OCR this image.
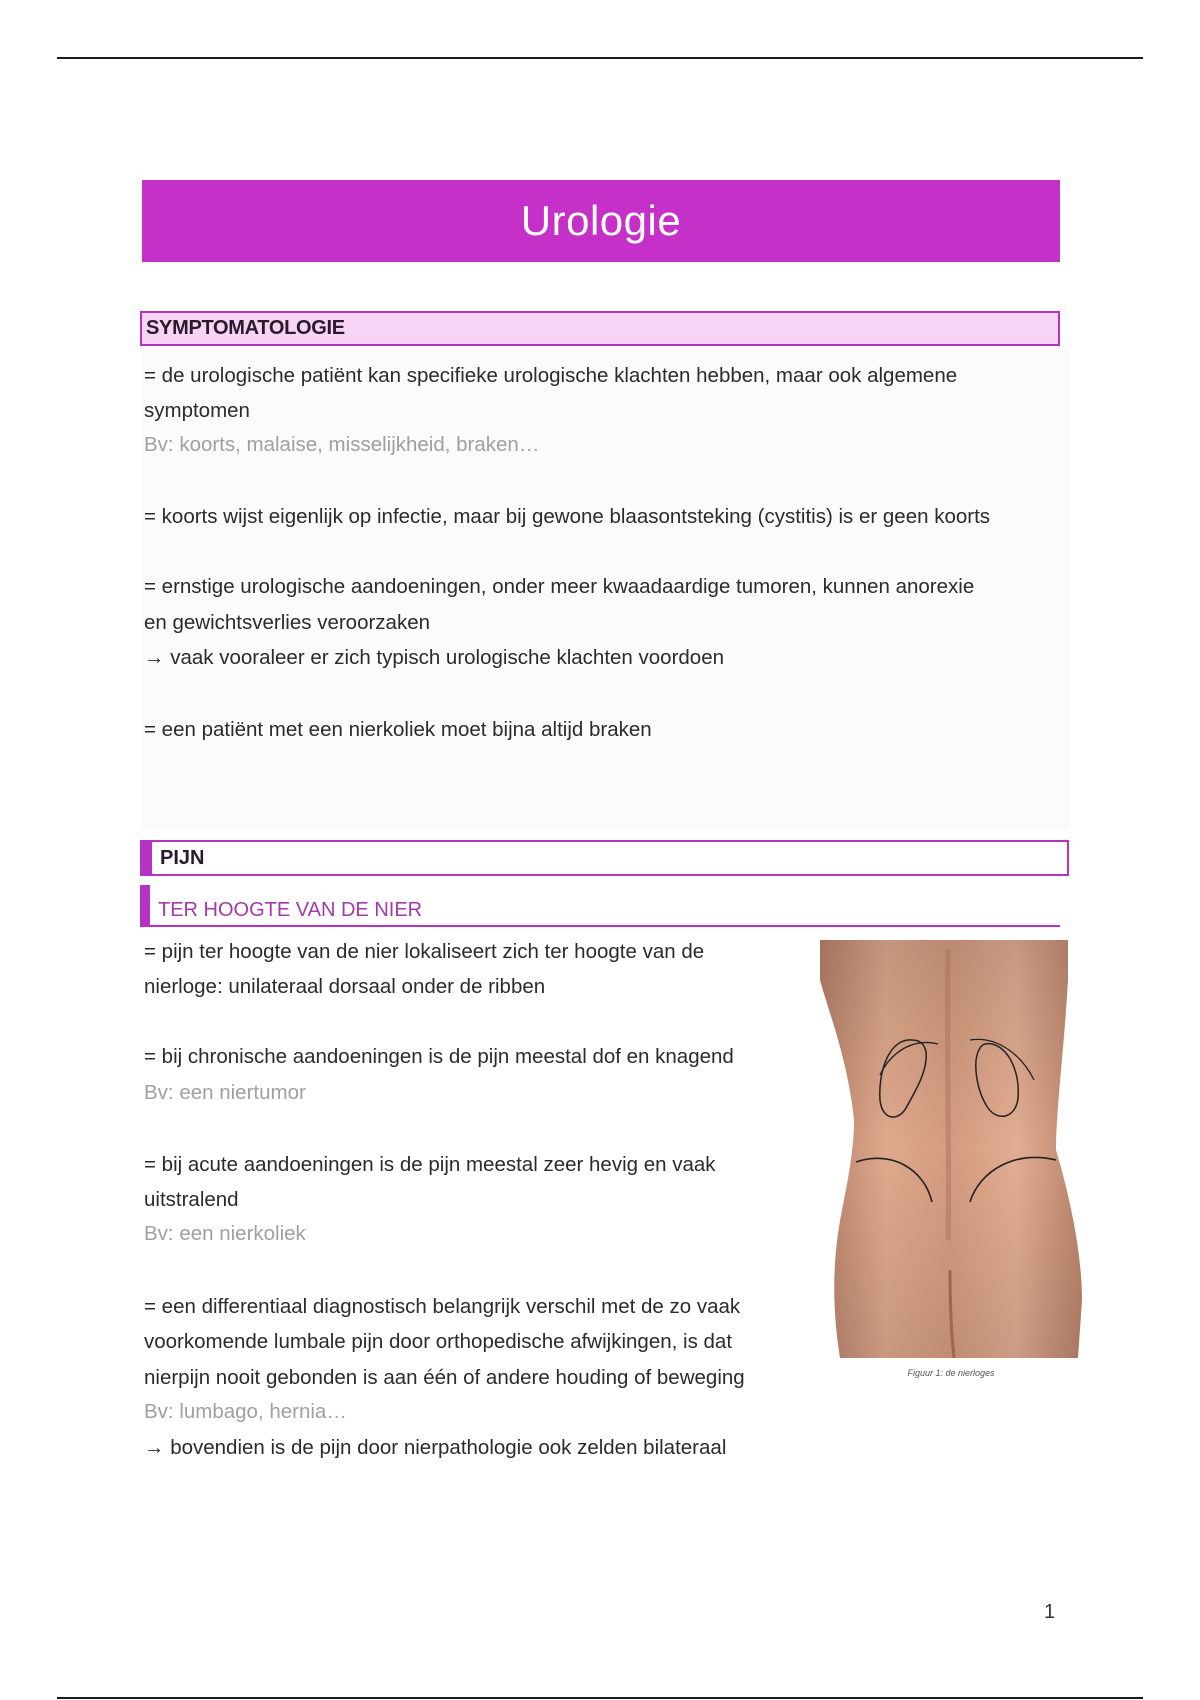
Urologie
SYMPTOMATOLOGIE
= de urologische patiënt kan specifieke urologische klachten hebben, maar ook algemene
symptomen
Bv: koorts, malaise, misselijkheid, braken…
= koorts wijst eigenlijk op infectie, maar bij gewone blaasontsteking (cystitis) is er geen koorts
= ernstige urologische aandoeningen, onder meer kwaadaardige tumoren, kunnen anorexie
en gewichtsverlies veroorzaken
→ vaak vooraleer er zich typisch urologische klachten voordoen
= een patiënt met een nierkoliek moet bijna altijd braken
PIJN
TER HOOGTE VAN DE NIER
= pijn ter hoogte van de nier lokaliseert zich ter hoogte van de
nierloge: unilateraal dorsaal onder de ribben
= bij chronische aandoeningen is de pijn meestal dof en knagend
Bv: een niertumor
= bij acute aandoeningen is de pijn meestal zeer hevig en vaak
uitstralend
Bv: een nierkoliek
= een differentiaal diagnostisch belangrijk verschil met de zo vaak
voorkomende lumbale pijn door orthopedische afwijkingen, is dat
nierpijn nooit gebonden is aan één of andere houding of beweging
Bv: lumbago, hernia…
→ bovendien is de pijn door nierpathologie ook zelden bilateraal
Figuur 1: de nierloges
1
